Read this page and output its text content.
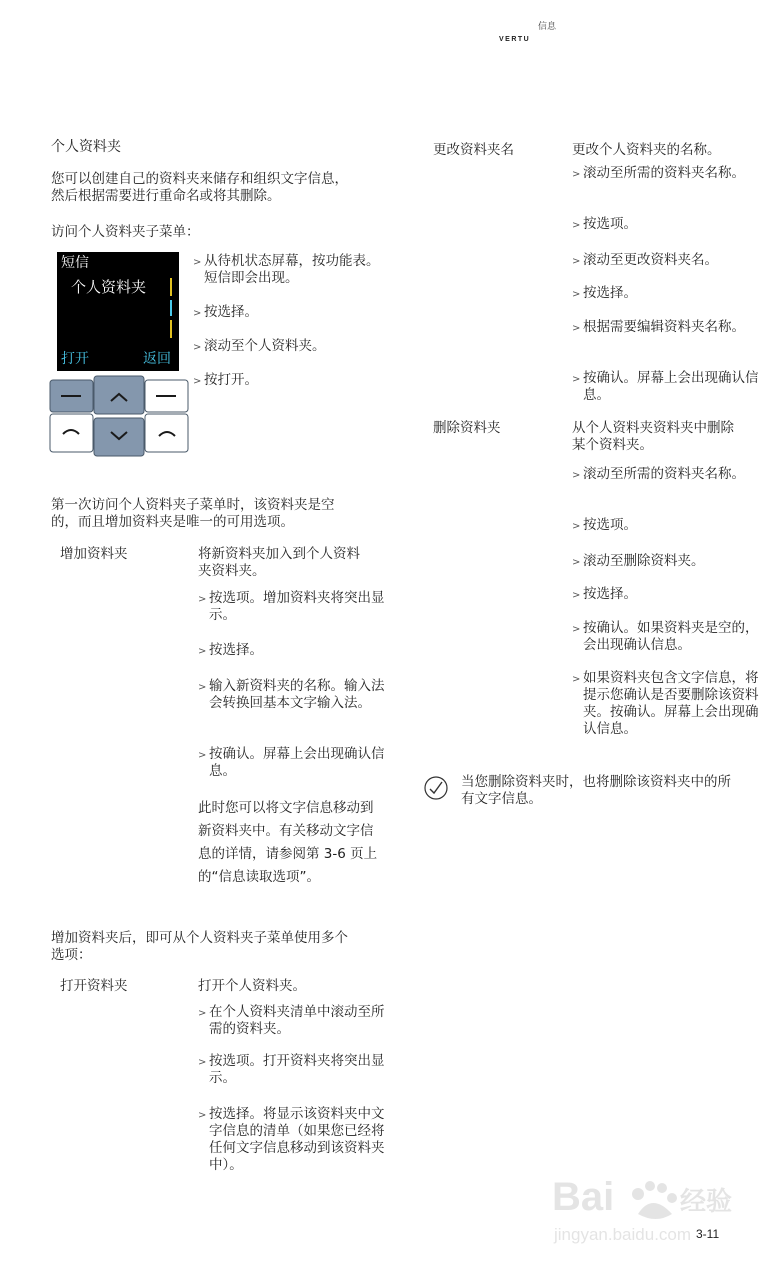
VERTU
信息
个人资料夹
您可以创建自己的资料夹来储存和组织文字信息，然后根据需要进行重命名或将其删除。
访问个人资料夹子菜单：
短信
个人资料夹
打开	返回
> 从待机状态屏幕，按功能表。短信即会出现。
> 按选择。
> 滚动至个人资料夹。
> 按打开。
第一次访问个人资料夹子菜单时，该资料夹是空的，而且增加资料夹是唯一的可用选项。
增加资料夹	将新资料夹加入到个人资料夹资料夹。
> 按选项。增加资料夹将突出显示。
> 按选择。
> 输入新资料夹的名称。输入法会转换回基本文字输入法。
> 按确认。屏幕上会出现确认信息。
此时您可以将文字信息移动到新资料夹中。有关移动文字信息的详情，请参阅第 3-6 页上的“信息读取选项”。
增加资料夹后，即可从个人资料夹子菜单使用多个选项：
打开资料夹	打开个人资料夹。
> 在个人资料夹清单中滚动至所需的资料夹。
> 按选项。打开资料夹将突出显示。
> 按选择。将显示该资料夹中文字信息的清单（如果您已经将任何文字信息移动到该资料夹中）。
更改资料夹名	更改个人资料夹的名称。
> 滚动至所需的资料夹名称。
> 按选项。
> 滚动至更改资料夹名。
> 按选择。
> 根据需要编辑资料夹名称。
> 按确认。屏幕上会出现确认信息。
删除资料夹	从个人资料夹资料夹中删除某个资料夹。
> 滚动至所需的资料夹名称。
> 按选项。
> 滚动至删除资料夹。
> 按选择。
> 按确认。如果资料夹是空的，会出现确认信息。
> 如果资料夹包含文字信息，将提示您确认是否要删除该资料夹。按确认。屏幕上会出现确认信息。
当您删除资料夹时，也将删除该资料夹中的所有文字信息。
Bai	经验
jingyan.baidu.com 3-11
